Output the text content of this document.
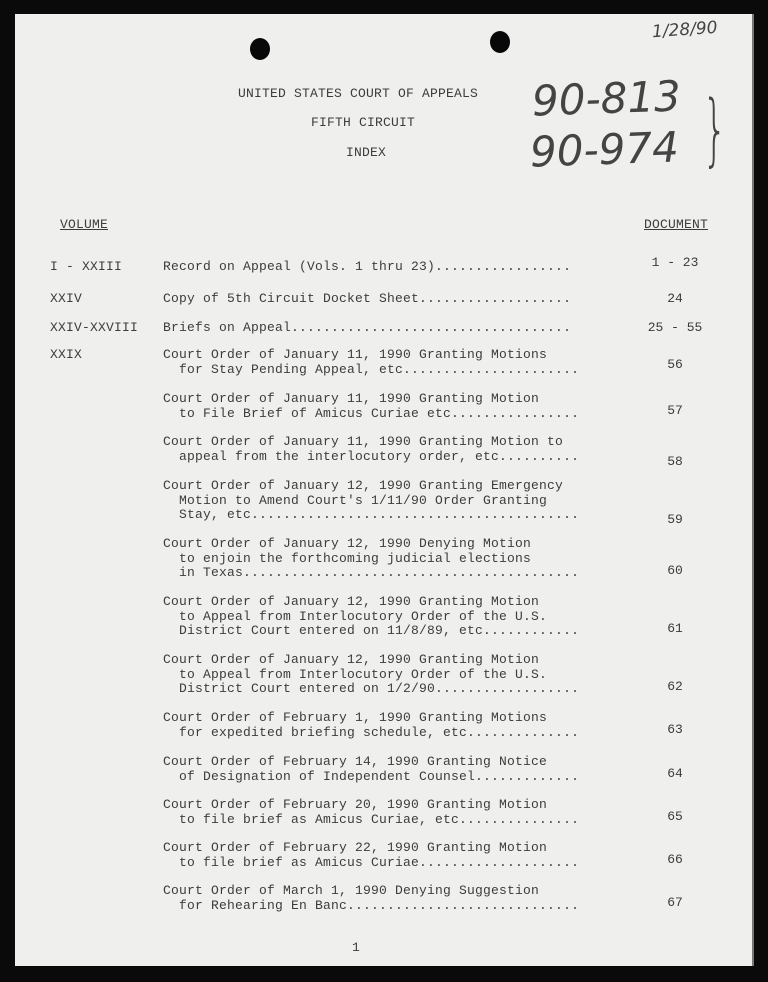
UNITED STATES COURT OF APPEALS
FIFTH CIRCUIT
INDEX
1/28/90
90-813
90-974 }
VOLUME	DOCUMENT
I - XXIII	Record on Appeal (Vols. 1 thru 23).................	1 - 23
XXIV	Copy of 5th Circuit Docket Sheet...................	24
XXIV-XXVIII Briefs on Appeal...................................	25 - 55
XXIX	Court Order of January 11, 1990 Granting Motions
for Stay Pending Appeal, etc......................	56
Court Order of January 11, 1990 Granting Motion
to File Brief of Amicus Curiae etc................	57
Court Order of January 11, 1990 Granting Motion to
appeal from the interlocutory order, etc..........	58
Court Order of January 12, 1990 Granting Emergency
Motion to Amend Court's 1/11/90 Order Granting
Stay, etc.........................................	59
Court Order of January 12, 1990 Denying Motion
to enjoin the forthcoming judicial elections
in Texas..........................................	60
Court Order of January 12, 1990 Granting Motion
to Appeal from Interlocutory Order of the U.S.
District Court entered on 11/8/89, etc............	61
Court Order of January 12, 1990 Granting Motion
to Appeal from Interlocutory Order of the U.S.
District Court entered on 1/2/90..................	62
Court Order of February 1, 1990 Granting Motions
for expedited briefing schedule, etc..............	63
Court Order of February 14, 1990 Granting Notice
of Designation of Independent Counsel.............	64
Court Order of February 20, 1990 Granting Motion
to file brief as Amicus Curiae, etc...............	65
Court Order of February 22, 1990 Granting Motion
to file brief as Amicus Curiae....................	66
Court Order of March 1, 1990 Denying Suggestion
for Rehearing En Banc.............................	67
1
